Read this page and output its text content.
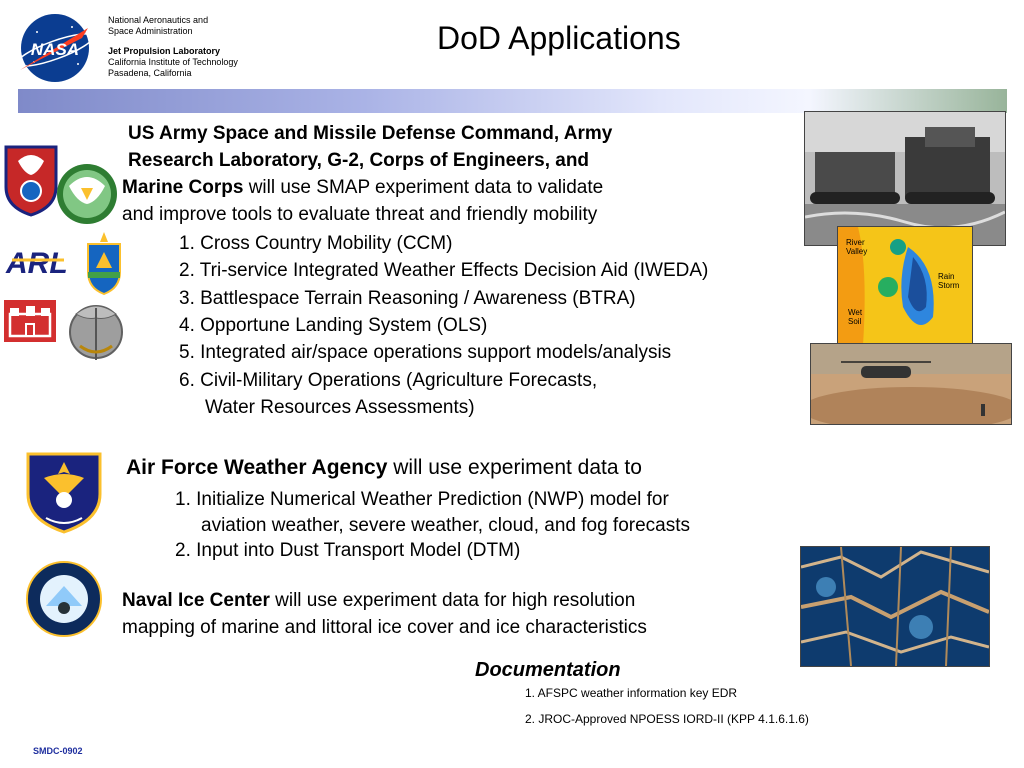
NASA
National Aeronautics and
Space Administration
Jet Propulsion Laboratory
California Institute of Technology
Pasadena, California
DoD Applications
ARL
US Army Space and Missile Defense Command, Army
Research Laboratory, G-2, Corps of Engineers, and
Marine Corps will use SMAP experiment data to validate
and improve tools to evaluate threat and friendly mobility
1. Cross Country Mobility (CCM)
2. Tri-service Integrated Weather Effects Decision Aid (IWEDA)
3. Battlespace Terrain Reasoning / Awareness (BTRA)
4. Opportune Landing System (OLS)
5. Integrated air/space operations support models/analysis
6. Civil-Military Operations (Agriculture Forecasts,
Water Resources Assessments)
River
Valley
Rain
Storm
Wet
Soil
Air Force Weather Agency will use experiment data to
1. Initialize Numerical Weather Prediction (NWP) model for
aviation weather, severe weather, cloud, and fog forecasts
2. Input into Dust Transport Model (DTM)
Naval Ice Center will use experiment data for high resolution
mapping of marine and littoral ice cover and ice characteristics
Documentation
1. AFSPC weather information key EDR
2. JROC-Approved NPOESS IORD-II (KPP 4.1.6.1.6)
SMDC-0902
